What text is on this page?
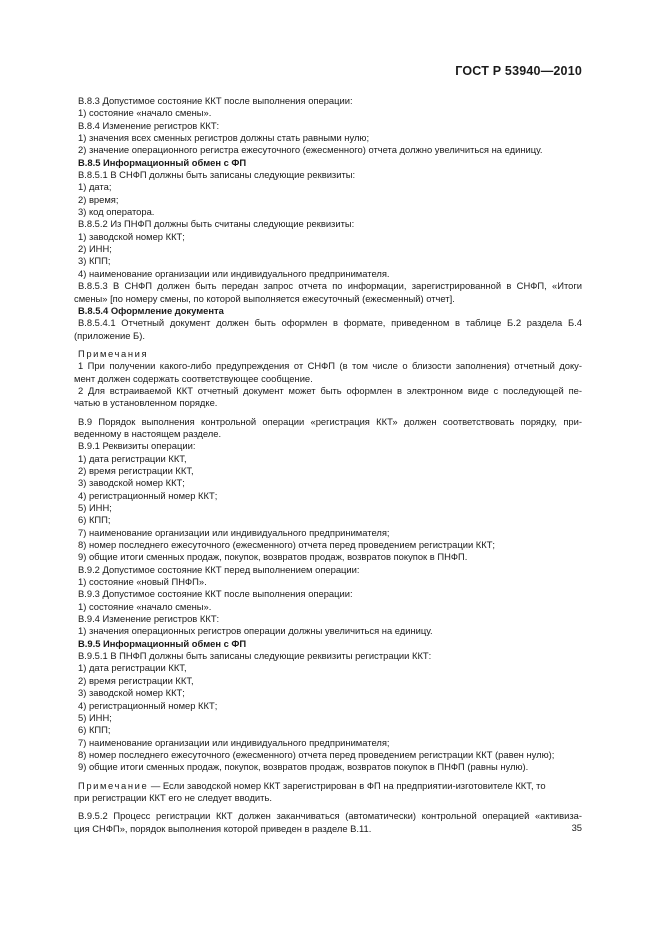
ГОСТ Р 53940—2010
В.8.3 Допустимое состояние ККТ после выполнения операции:
1) состояние «начало смены».
В.8.4 Изменение регистров ККТ:
1) значения всех сменных регистров должны стать равными нулю;
2) значение операционного регистра ежесуточного (ежесменного) отчета должно увеличиться на единицу.
В.8.5 Информационный обмен с ФП
В.8.5.1 В СНФП должны быть записаны следующие реквизиты:
1) дата;
2) время;
3) код оператора.
В.8.5.2 Из ПНФП должны быть считаны следующие реквизиты:
1) заводской номер ККТ;
2) ИНН;
3) КПП;
4) наименование организации или индивидуального предпринимателя.
В.8.5.3 В СНФП должен быть передан запрос отчета по информации, зарегистрированной в СНФП, «Итоги
смены» [по номеру смены, по которой выполняется ежесуточный (ежесменный) отчет].
В.8.5.4 Оформление документа
В.8.5.4.1 Отчетный документ должен быть оформлен в формате, приведенном в таблице Б.2 раздела Б.4
(приложение Б).
Примечания
1 При получении какого-либо предупреждения от СНФП (в том числе о близости заполнения) отчетный доку-
мент должен содержать соответствующее сообщение.
2 Для встраиваемой ККТ отчетный документ может быть оформлен в электронном виде с последующей пе-
чатью в установленном порядке.
В.9 Порядок выполнения контрольной операции «регистрация ККТ» должен соответствовать порядку, при-
веденному в настоящем разделе.
В.9.1 Реквизиты операции:
1) дата регистрации ККТ,
2) время регистрации ККТ,
3) заводской номер ККТ;
4) регистрационный номер ККТ;
5) ИНН;
6) КПП;
7) наименование организации или индивидуального предпринимателя;
8) номер последнего ежесуточного (ежесменного) отчета перед проведением регистрации ККТ;
9) общие итоги сменных продаж, покупок, возвратов продаж, возвратов покупок в ПНФП.
В.9.2 Допустимое состояние ККТ перед выполнением операции:
1) состояние «новый ПНФП».
В.9.3 Допустимое состояние ККТ после выполнения операции:
1) состояние «начало смены».
В.9.4 Изменение регистров ККТ:
1) значения операционных регистров операции должны увеличиться на единицу.
В.9.5 Информационный обмен с ФП
В.9.5.1 В ПНФП должны быть записаны следующие реквизиты регистрации ККТ:
1) дата регистрации ККТ,
2) время регистрации ККТ,
3) заводской номер ККТ;
4) регистрационный номер ККТ;
5) ИНН;
6) КПП;
7) наименование организации или индивидуального предпринимателя;
8) номер последнего ежесуточного (ежесменного) отчета перед проведением регистрации ККТ (равен нулю);
9) общие итоги сменных продаж, покупок, возвратов продаж, возвратов покупок в ПНФП (равны нулю).
Примечание — Если заводской номер ККТ зарегистрирован в ФП на предприятии-изготовителе ККТ, то
при регистрации ККТ его не следует вводить.
В.9.5.2 Процесс регистрации ККТ должен заканчиваться (автоматически) контрольной операцией «активиза-
ция СНФП», порядок выполнения которой приведен в разделе В.11.	35
